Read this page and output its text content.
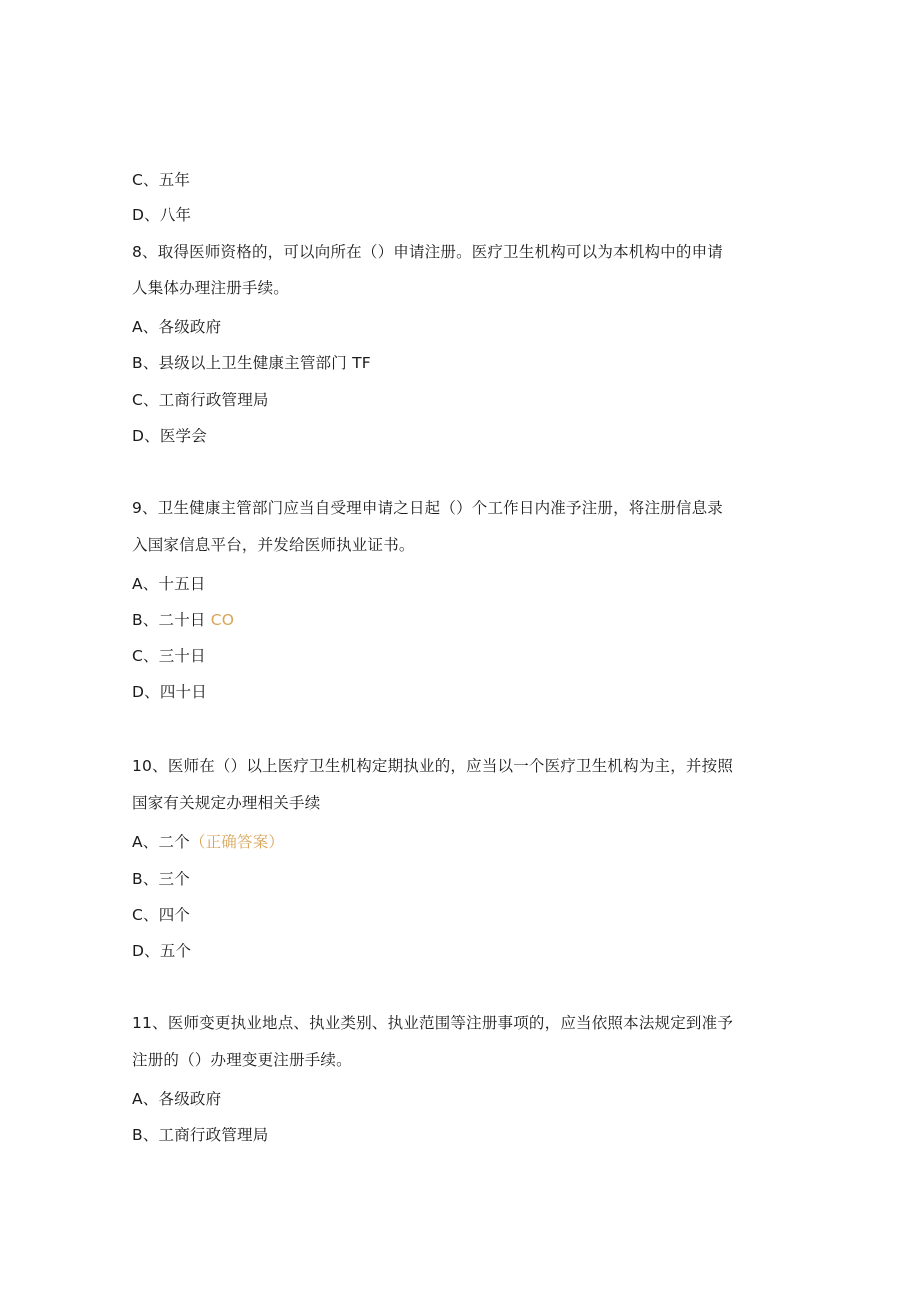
C、五年
D、八年
8、取得医师资格的，可以向所在（）申请注册。医疗卫生机构可以为本机构中的申请
人集体办理注册手续。
A、各级政府
B、县级以上卫生健康主管部门 TF
C、工商行政管理局
D、医学会
9、卫生健康主管部门应当自受理申请之日起（）个工作日内准予注册，将注册信息录
入国家信息平台，并发给医师执业证书。
A、十五日
B、二十日 CO
C、三十日
D、四十日
10、医师在（）以上医疗卫生机构定期执业的，应当以一个医疗卫生机构为主，并按照
国家有关规定办理相关手续
A、二个（正确答案）
B、三个
C、四个
D、五个
11、医师变更执业地点、执业类别、执业范围等注册事项的，应当依照本法规定到准予
注册的（）办理变更注册手续。
A、各级政府
B、工商行政管理局
